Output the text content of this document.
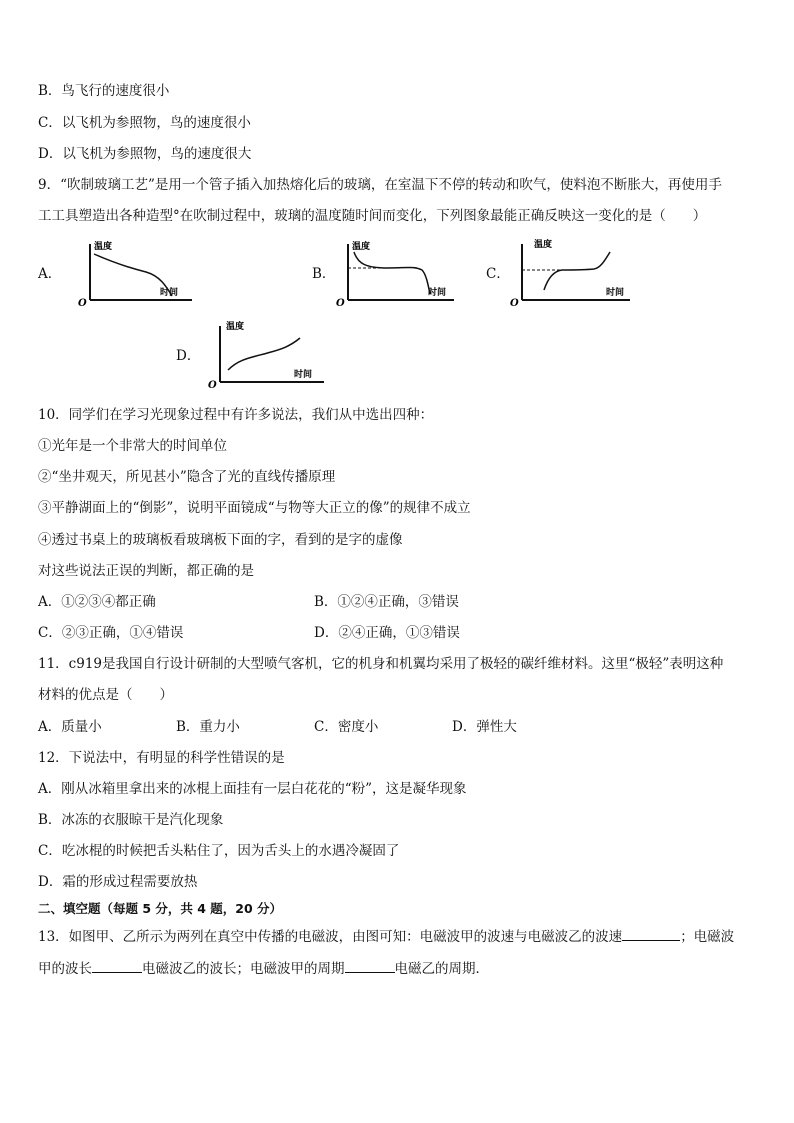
B．鸟飞行的速度很小
C．以飞机为参照物，鸟的速度很小
D．以飞机为参照物，鸟的速度很大
9．“吹制玻璃工艺”是用一个管子插入加热熔化后的玻璃，在室温下不停的转动和吹气，使料泡不断胀大，再使用手
工工具塑造出各种造型°在吹制过程中，玻璃的温度随时间而变化，下列图象最能正确反映这一变化的是（　　）
A．
温度
时间
O
B．
温度
时间
O
C．
温度
时间
O
D．
温度
时间
O
10．同学们在学习光现象过程中有许多说法，我们从中选出四种：
①光年是一个非常大的时间单位
②“坐井观天，所见甚小”隐含了光的直线传播原理
③平静湖面上的“倒影”，说明平面镜成“与物等大正立的像”的规律不成立
④透过书桌上的玻璃板看玻璃板下面的字，看到的是字的虚像
对这些说法正误的判断，都正确的是
A．①②③④都正确	B．①②④正确，③错误
C．②③正确，①④错误	D．②④正确，①③错误
11．c919是我国自行设计研制的大型喷气客机，它的机身和机翼均采用了极轻的碳纤维材料。这里“极轻”表明这种
材料的优点是（　　）
A．质量小	B．重力小	C．密度小	D．弹性大
12．下说法中，有明显的科学性错误的是
A．刚从冰箱里拿出来的冰棍上面挂有一层白花花的“粉”，这是凝华现象
B．冰冻的衣服晾干是汽化现象
C．吃冰棍的时候把舌头粘住了，因为舌头上的水遇冷凝固了
D．霜的形成过程需要放热
二、填空题（每题 5 分，共 4 题，20 分）
13．如图甲、乙所示为两列在真空中传播的电磁波，由图可知：电磁波甲的波速与电磁波乙的波速	；电磁波
甲的波长	电磁波乙的波长；电磁波甲的周期	电磁乙的周期．
